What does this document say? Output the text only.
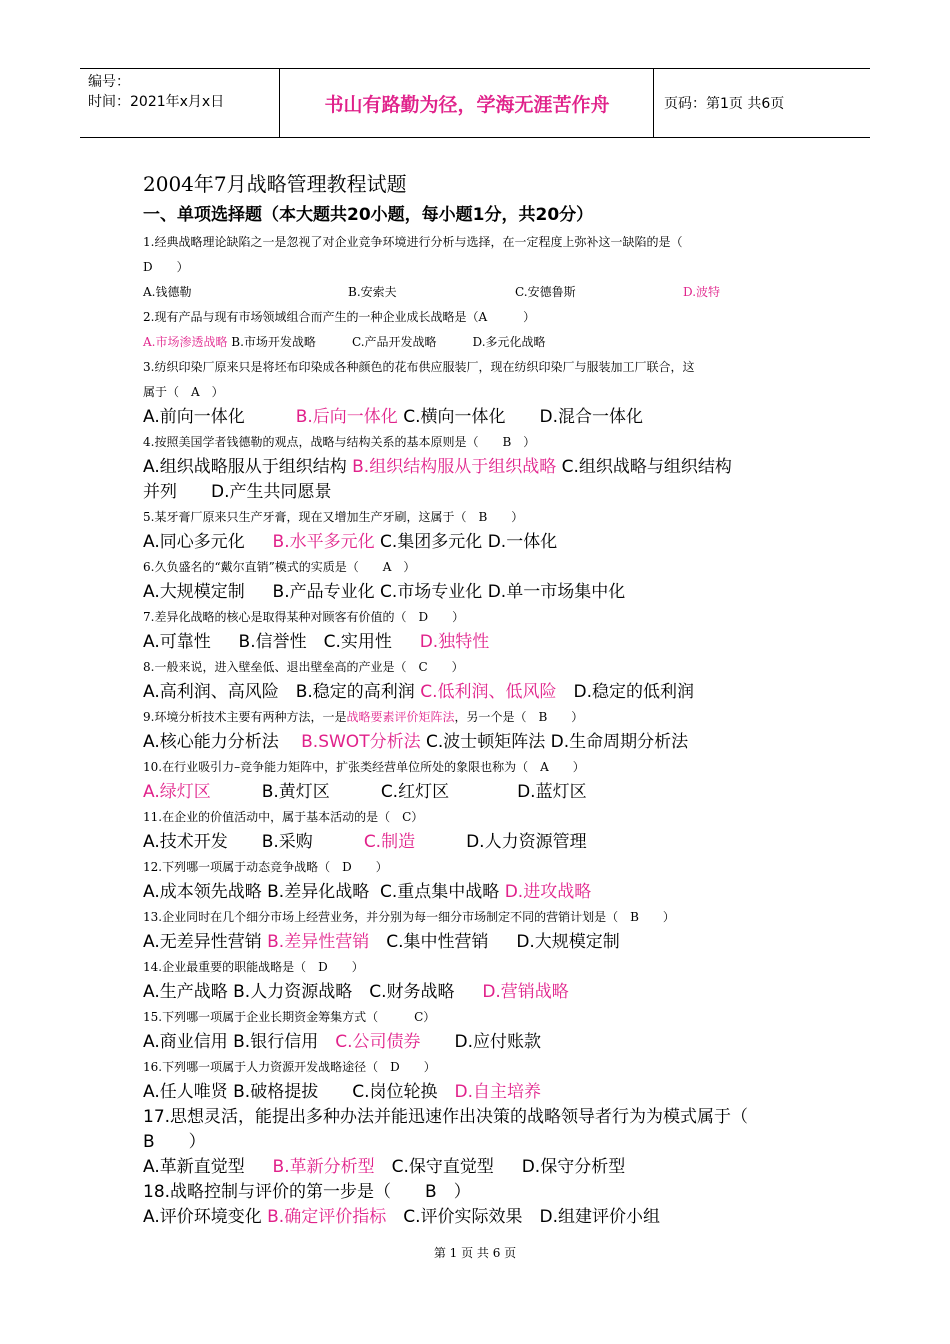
编号：
时间：2021年x月x日	书山有路勤为径，学海无涯苦作舟	页码：第1页 共6页
2004年7月战略管理教程试题
一、单项选择题（本大题共20小题，每小题1分，共20分）
1.经典战略理论缺陷之一是忽视了对企业竞争环境进行分析与选择，在一定程度上弥补这一缺陷的是（
D　　）
A.钱德勒	B.安索夫	C.安德鲁斯	D.波特
2.现有产品与现有市场领域组合而产生的一种企业成长战略是（A　　　）
A.市场渗透战略 B.市场开发战略　　　	C.产品开发战略　　　	D.多元化战略
3.纺织印染厂原来只是将坯布印染成各种颜色的花布供应服装厂，现在纺织印染厂与服装加工厂联合，这
属于（　A　）
A.前向一体化　　　B.后向一体化 C.横向一体化　　D.混合一体化
4.按照美国学者钱德勒的观点，战略与结构关系的基本原则是（　　B　）
A.组织战略服从于组织结构 B.组织结构服从于组织战略 C.组织战略与组织结构
并列　　D.产生共同愿景
5.某牙膏厂原来只生产牙膏，现在又增加生产牙刷，这属于（　B　　）
A.同心多元化　  B.水平多元化 C.集团多元化 D.一体化
6.久负盛名的“戴尔直销”模式的实质是（　　A　）
A.大规模定制　  B.产品专业化 C.市场专业化 D.单一市场集中化
7.差异化战略的核心是取得某种对顾客有价值的（　D　　）
A.可靠性　  B.信誉性　C.实用性　  D.独特性
8.一般来说，进入壁垒低、退出壁垒高的产业是（　C　　）
A.高利润、高风险　B.稳定的高利润 C.低利润、低风险　D.稳定的低利润
9.环境分析技术主要有两种方法，一是战略要素评价矩阵法，另一个是（　B　　）
A.核心能力分析法　 B.SWOT分析法 C.波士顿矩阵法 D.生命周期分析法
10.在行业吸引力–竞争能力矩阵中，扩张类经营单位所处的象限也称为（　A　　）
A.绿灯区　　　B.黄灯区　　　C.红灯区　　　　D.蓝灯区
11.在企业的价值活动中，属于基本活动的是（　C）
A.技术开发　　B.采购　　　C.制造　　　D.人力资源管理
12.下列哪一项属于动态竞争战略（　D　　）
A.成本领先战略 B.差异化战略  C.重点集中战略 D.进攻战略
13.企业同时在几个细分市场上经营业务，并分别为每一细分市场制定不同的营销计划是（　B　　）
A.无差异性营销 B.差异性营销　C.集中性营销　  D.大规模定制
14.企业最重要的职能战略是（　D　　）
A.生产战略 B.人力资源战略　C.财务战略　  D.营销战略
15.下列哪一项属于企业长期资金筹集方式（　　　C）
A.商业信用 B.银行信用　C.公司债券　　D.应付账款
16.下列哪一项属于人力资源开发战略途径（　D　　）
A.任人唯贤 B.破格提拔　　C.岗位轮换　D.自主培养
17.思想灵活，能提出多种办法并能迅速作出决策的战略领导者行为为模式属于（
B　　）
A.革新直觉型　  B.革新分析型　C.保守直觉型　  D.保守分析型
18.战略控制与评价的第一步是（　　B　）
A.评价环境变化 B.确定评价指标　C.评价实际效果　D.组建评价小组
第 1 页 共 6 页
